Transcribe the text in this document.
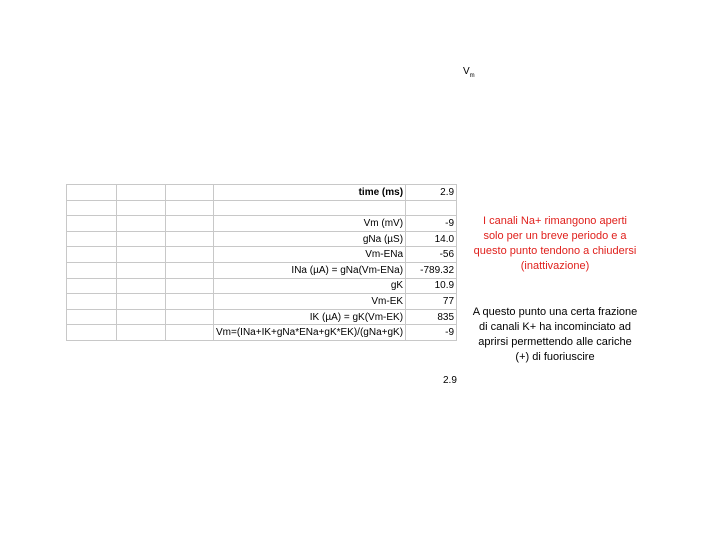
$V_m$
			time (ms)	2.9

			Vm (mV)	-9
			gNa (µS)	14.0
			Vm-ENa	-56
			INa (µA) = gNa(Vm-ENa)	-789.32
			gK	10.9
			Vm-EK	77
			IK (µA) = gK(Vm-EK)	835
			Vm=(INa+IK+gNa*ENa+gK*EK)/(gNa+gK)	-9
I canali Na+ rimangono aperti
solo per un breve periodo e a
questo punto tendono a chiudersi
(inattivazione)
A questo punto una certa frazione
di canali K+ ha incominciato ad
aprirsi permettendo alle cariche
(+) di fuoriuscire
2.9
